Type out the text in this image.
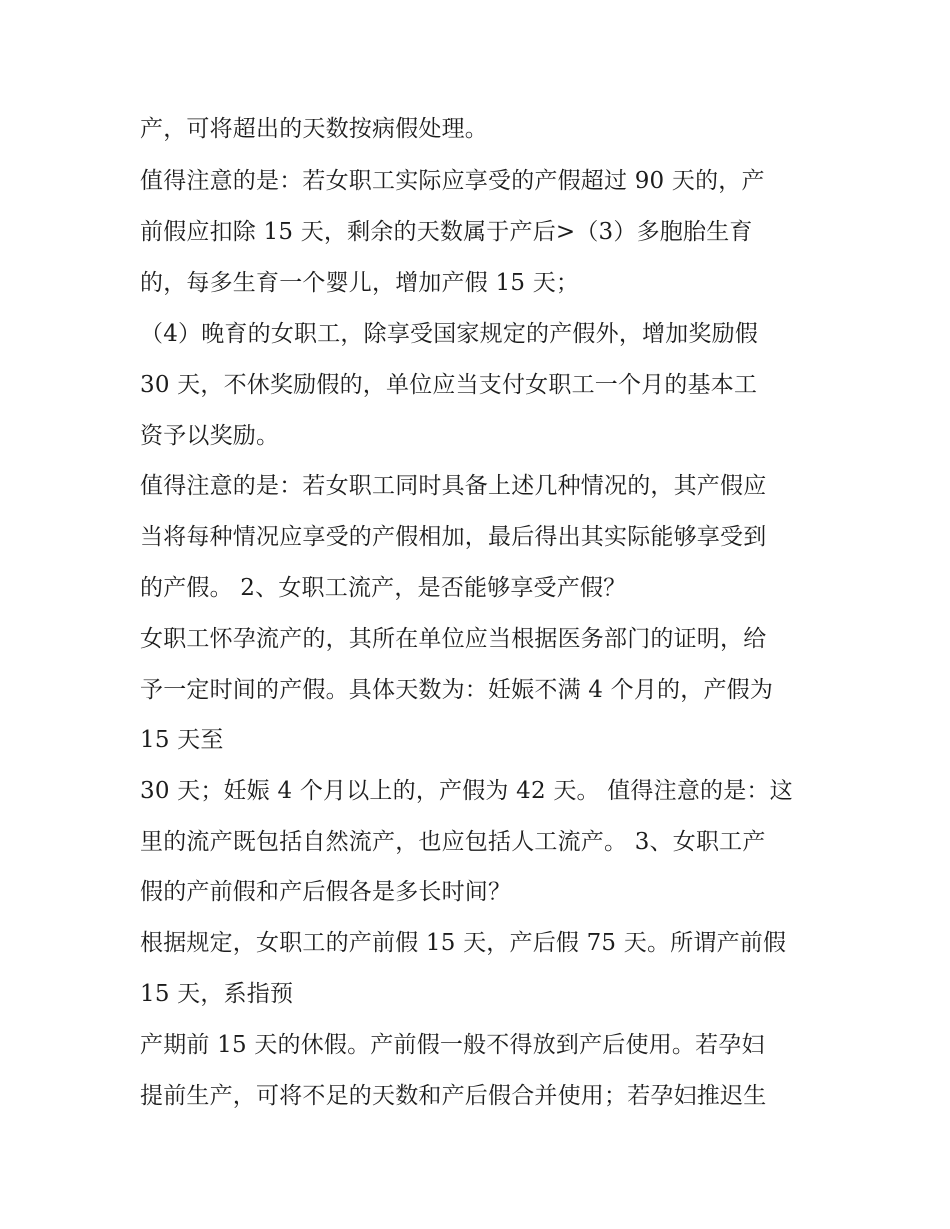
产，可将超出的天数按病假处理。
值得注意的是：若女职工实际应享受的产假超过 90 天的，产
前假应扣除 15 天，剩余的天数属于产后>（3）多胞胎生育
的，每多生育一个婴儿，增加产假 15 天；
（4）晚育的女职工，除享受国家规定的产假外，增加奖励假
30 天，不休奖励假的，单位应当支付女职工一个月的基本工
资予以奖励。
值得注意的是：若女职工同时具备上述几种情况的，其产假应
当将每种情况应享受的产假相加，最后得出其实际能够享受到
的产假。 2、女职工流产，是否能够享受产假？
女职工怀孕流产的，其所在单位应当根据医务部门的证明，给
予一定时间的产假。具体天数为：妊娠不满 4 个月的，产假为
15 天至
30 天；妊娠 4 个月以上的，产假为 42 天。 值得注意的是：这
里的流产既包括自然流产，也应包括人工流产。 3、女职工产
假的产前假和产后假各是多长时间？
根据规定，女职工的产前假 15 天，产后假 75 天。所谓产前假
15 天，系指预
产期前 15 天的休假。产前假一般不得放到产后使用。若孕妇
提前生产，可将不足的天数和产后假合并使用；若孕妇推迟生
